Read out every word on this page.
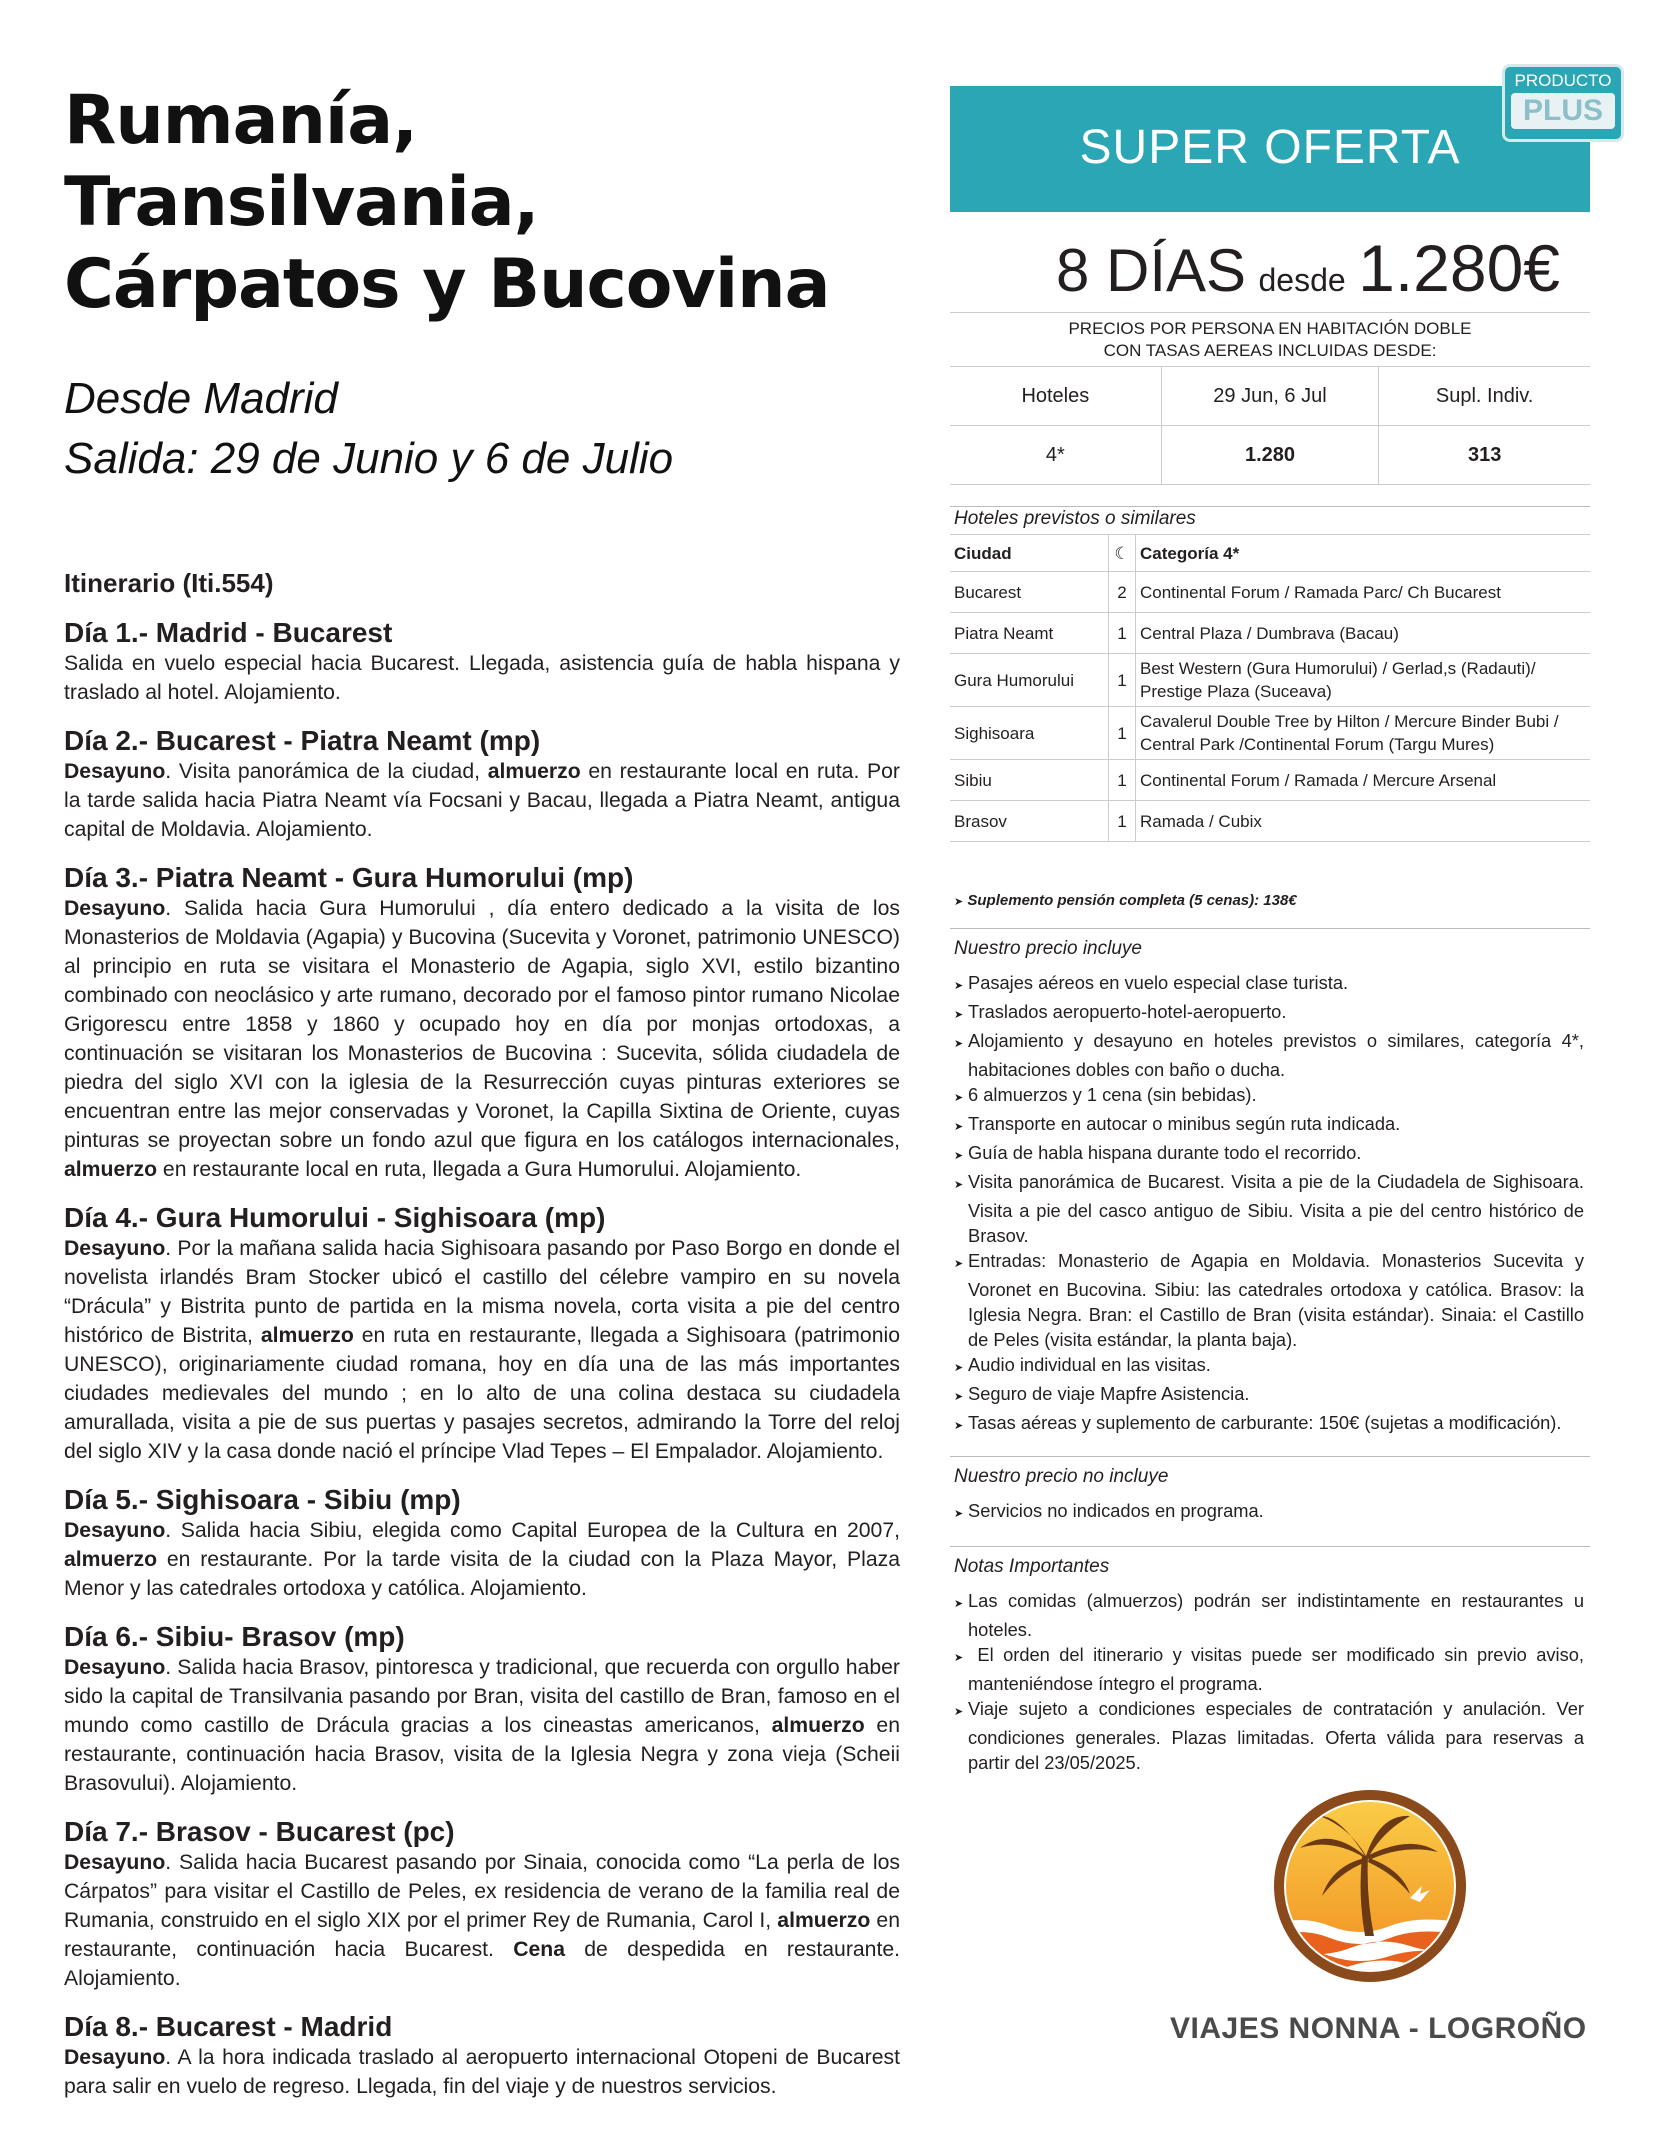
Rumanía, Transilvania,
Cárpatos y Bucovina
Desde Madrid
Salida: 29 de Junio y 6 de Julio
Itinerario (Iti.554)
Día 1.- Madrid - Bucarest
Salida en vuelo especial hacia Bucarest. Llegada, asistencia guía de habla hispana y traslado al hotel. Alojamiento.
Día 2.- Bucarest - Piatra Neamt (mp)
Desayuno. Visita panorámica de la ciudad, almuerzo en restaurante local en ruta. Por la tarde salida hacia Piatra Neamt vía Focsani y Bacau, llegada a Piatra Neamt, antigua capital de Moldavia. Alojamiento.
Día 3.- Piatra Neamt - Gura Humorului (mp)
Desayuno. Salida hacia Gura Humorului , día entero dedicado a la visita de los Monasterios de Moldavia (Agapia) y Bucovina (Sucevita y Voronet, patrimonio UNESCO) al principio en ruta se visitara el Monasterio de Agapia, siglo XVI, estilo bizantino combinado con neoclásico y arte rumano, decorado por el famoso pintor rumano Nicolae Grigorescu entre 1858 y 1860 y ocupado hoy en día por monjas ortodoxas, a continuación se visitaran los Monasterios de Bucovina : Sucevita, sólida ciudadela de piedra del siglo XVI con la iglesia de la Resurrección cuyas pinturas exteriores se encuentran entre las mejor conservadas y Voronet, la Capilla Sixtina de Oriente, cuyas pinturas se proyectan sobre un fondo azul que figura en los catálogos internacionales, almuerzo en restaurante local en ruta, llegada a Gura Humorului. Alojamiento.
Día 4.- Gura Humorului - Sighisoara (mp)
Desayuno. Por la mañana salida hacia Sighisoara pasando por Paso Borgo en donde el novelista irlandés Bram Stocker ubicó el castillo del célebre vampiro en su novela “Drácula” y Bistrita punto de partida en la misma novela, corta visita a pie del centro histórico de Bistrita, almuerzo en ruta en restaurante, llegada a Sighisoara (patrimonio UNESCO), originariamente ciudad romana, hoy en día una de las más importantes ciudades medievales del mundo ; en lo alto de una colina destaca su ciudadela amurallada, visita a pie de sus puertas y pasajes secretos, admirando la Torre del reloj del siglo XIV y la casa donde nació el príncipe Vlad Tepes – El Empalador. Alojamiento.
Día 5.- Sighisoara - Sibiu (mp)
Desayuno. Salida hacia Sibiu, elegida como Capital Europea de la Cultura en 2007, almuerzo en restaurante. Por la tarde visita de la ciudad con la Plaza Mayor, Plaza Menor y las catedrales ortodoxa y católica. Alojamiento.
Día 6.- Sibiu- Brasov (mp)
Desayuno. Salida hacia Brasov, pintoresca y tradicional, que recuerda con orgullo haber sido la capital de Transilvania pasando por Bran, visita del castillo de Bran, famoso en el mundo como castillo de Drácula gracias a los cineastas americanos, almuerzo en restaurante, continuación hacia Brasov, visita de la Iglesia Negra y zona vieja (Scheii Brasovului). Alojamiento.
Día 7.- Brasov - Bucarest (pc)
Desayuno. Salida hacia Bucarest pasando por Sinaia, conocida como “La perla de los Cárpatos” para visitar el Castillo de Peles, ex residencia de verano de la familia real de Rumania, construido en el siglo XIX por el primer Rey de Rumania, Carol I, almuerzo en restaurante, continuación hacia Bucarest. Cena de despedida en restaurante. Alojamiento.
Día 8.- Bucarest - Madrid
Desayuno. A la hora indicada traslado al aeropuerto internacional Otopeni de Bucarest para salir en vuelo de regreso. Llegada, fin del viaje y de nuestros servicios.
SUPER OFERTA
PRODUCTO
PLUS
8 DÍAS desde 1.280€
PRECIOS POR PERSONA EN HABITACIÓN DOBLE
CON TASAS AEREAS INCLUIDAS DESDE:
Hoteles	29 Jun, 6 Jul	Supl. Indiv.
4*	1.280	313
Hoteles previstos o similares
Ciudad	☾	Categoría 4*
Bucarest	2	Continental Forum / Ramada Parc/ Ch Bucarest
Piatra Neamt	1	Central Plaza / Dumbrava (Bacau)
Gura Humorului	1	Best Western (Gura Humorului) / Gerlad,s (Radauti)/ Prestige Plaza (Suceava)
Sighisoara	1	Cavalerul Double Tree by Hilton / Mercure Binder Bubi / Central Park /Continental Forum (Targu Mures)
Sibiu	1	Continental Forum / Ramada / Mercure Arsenal
Brasov	1	Ramada / Cubix
➤ Suplemento pensión completa (5 cenas): 138€
Nuestro precio incluye
➤ Pasajes aéreos en vuelo especial clase turista.
➤ Traslados aeropuerto-hotel-aeropuerto.
➤ Alojamiento y desayuno en hoteles previstos o similares, categoría 4*, habitaciones dobles con baño o ducha.
➤ 6 almuerzos y 1 cena (sin bebidas).
➤ Transporte en autocar o minibus según ruta indicada.
➤ Guía de habla hispana durante todo el recorrido.
➤ Visita panorámica de Bucarest. Visita a pie de la Ciudadela de Sighisoara. Visita a pie del casco antiguo de Sibiu. Visita a pie del centro histórico de Brasov.
➤ Entradas: Monasterio de Agapia en Moldavia. Monasterios Sucevita y Voronet en Bucovina. Sibiu: las catedrales ortodoxa y católica. Brasov: la Iglesia Negra. Bran: el Castillo de Bran (visita estándar). Sinaia: el Castillo de Peles (visita estándar, la planta baja).
➤ Audio individual en las visitas.
➤ Seguro de viaje Mapfre Asistencia.
➤ Tasas aéreas y suplemento de carburante: 150€ (sujetas a modificación).
Nuestro precio no incluye
➤ Servicios no indicados en programa.
Notas Importantes
➤ Las comidas (almuerzos) podrán ser indistintamente en restaurantes u hoteles.
➤ El orden del itinerario y visitas puede ser modificado sin previo aviso, manteniéndose íntegro el programa.
➤ Viaje sujeto a condiciones especiales de contratación y anulación. Ver condiciones generales. Plazas limitadas. Oferta válida para reservas a partir del 23/05/2025.
VIAJES NONNA - LOGROÑO
